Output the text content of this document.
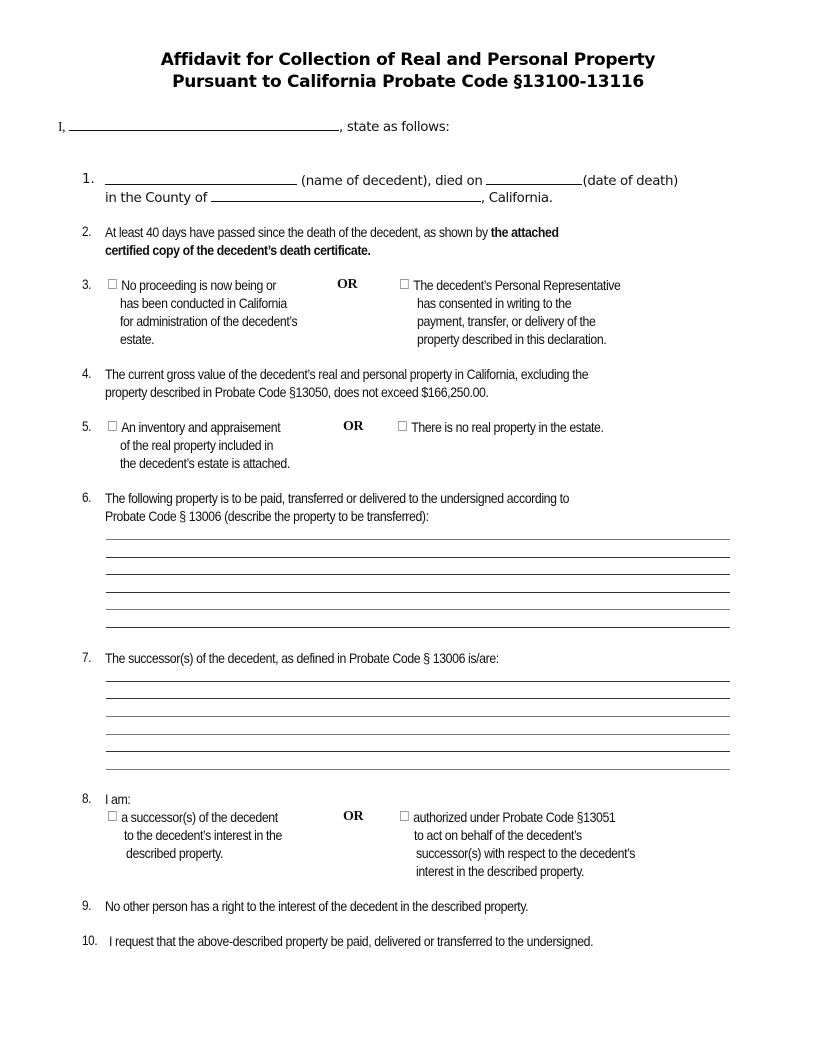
Affidavit for Collection of Real and Personal Property
Pursuant to California Probate Code §13100-13116
I,	, state as follows:
1.	(name of decedent), died on	(date of death)
in the County of	, California.
2. At least 40 days have passed since the death of the decedent, as shown by the attached
certified copy of the decedent’s death certificate.
3.	No proceeding is now being or
has been conducted in California
for administration of the decedent’s
estate.
OR	The decedent’s Personal Representative
has consented in writing to the
payment, transfer, or delivery of the
property described in this declaration.
4. The current gross value of the decedent’s real and personal property in California, excluding the
property described in Probate Code §13050, does not exceed $166,250.00.
5.	An inventory and appraisement
of the real property included in
the decedent’s estate is attached.
OR	There is no real property in the estate.
6. The following property is to be paid, transferred or delivered to the undersigned according to
Probate Code § 13006 (describe the property to be transferred):
7. The successor(s) of the decedent, as defined in Probate Code § 13006 is/are:
8. I am:
a successor(s) of the decedent
to the decedent’s interest in the
described property.
OR	authorized under Probate Code §13051
to act on behalf of the decedent’s
successor(s) with respect to the decedent’s
interest in the described property.
9. No other person has a right to the interest of the decedent in the described property.
10. I request that the above-described property be paid, delivered or transferred to the undersigned.
